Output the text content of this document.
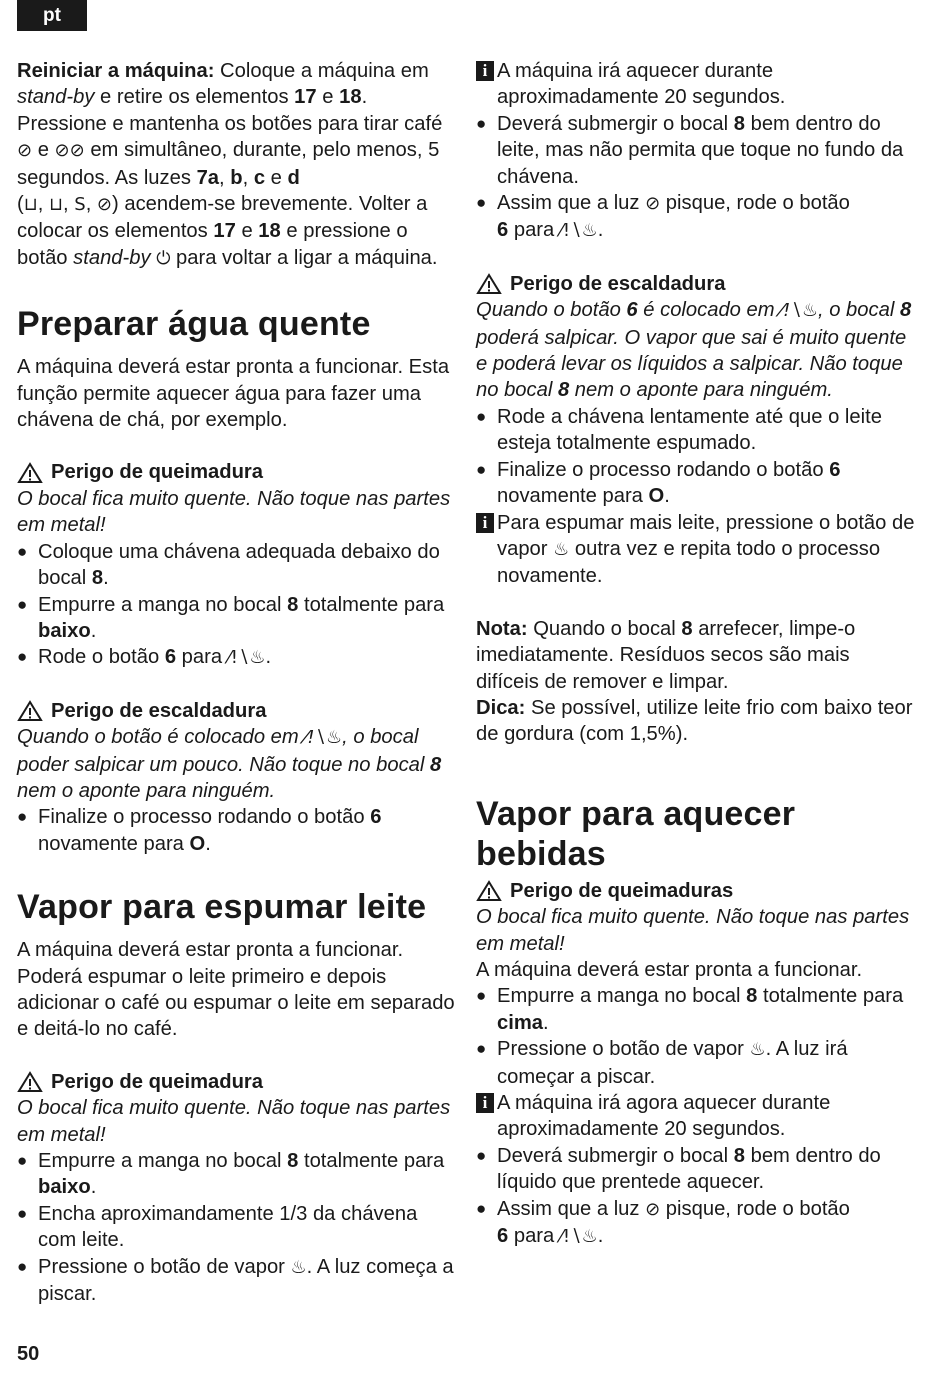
pt

Reiniciar a máquina: Coloque a máquina em stand-by e retire os elementos 17 e 18. Pressione e mantenha os botões para tirar café ⊘ e ⊘⊘ em simultâneo, durante, pelo menos, 5 segundos. As luzes 7a, b, c e d
(⊔, ⊔, S, ⊘) acendem-se brevemente. Volter a colocar os elementos 17 e 18 e pressione o botão stand-by ⏻ para voltar a ligar a máquina.

Preparar água quente

A máquina deverá estar pronta a funcionar. Esta função permite aquecer água para fazer uma chávena de chá, por exemplo.

Perigo de queimadura

O bocal fica muito quente. Não toque nas partes em metal!

● Coloque uma chávena adequada debaixo do bocal 8.
● Empurre a manga no bocal 8 totalmente para baixo.
● Rode o botão 6 para ⁄!∖♨.
Perigo de escaldadura

Quando o botão é colocado em ⁄!∖♨, o bocal poder salpicar um pouco. Não toque no bocal 8 nem o aponte para ninguém.

● Finalize o processo rodando o botão 6 novamente para O.
Vapor para espumar leite

A máquina deverá estar pronta a funcionar. Poderá espumar o leite primeiro e depois adicionar o café ou espumar o leite em separado e deitá-lo no café.

Perigo de queimadura

O bocal fica muito quente. Não toque nas partes em metal!

● Empurre a manga no bocal 8 totalmente para baixo.
● Encha aproximandamente 1/3 da chávena com leite.
● Pressione o botão de vapor ♨. A luz começa a piscar.

i A máquina irá aquecer durante aproximadamente 20 segundos.

● Deverá submergir o bocal 8 bem dentro do leite, mas não permita que toque no fundo da chávena.
● Assim que a luz ⊘ pisque, rode o botão
6 para ⁄!∖♨.
Perigo de escaldadura

Quando o botão 6 é colocado em ⁄!∖♨, o bocal 8 poderá salpicar. O vapor que sai é muito quente e poderá levar os líquidos a salpicar. Não toque no bocal 8 nem o aponte para ninguém.

● Rode a chávena lentamente até que o leite esteja totalmente espumado.
● Finalize o processo rodando o botão 6 novamente para O.

i Para espumar mais leite, pressione o botão de vapor ♨ outra vez e repita todo o processo novamente.

Nota: Quando o bocal 8 arrefecer, limpe-o imediatamente. Resíduos secos são mais difíceis de remover e limpar.

Dica: Se possível, utilize leite frio com baixo teor de gordura (com 1,5%).

Vapor para aquecer bebidas
Perigo de queimaduras

O bocal fica muito quente. Não toque nas partes em metal!

A máquina deverá estar pronta a funcionar.

● Empurre a manga no bocal 8 totalmente para cima.
● Pressione o botão de vapor ♨. A luz irá começar a piscar.

i A máquina irá agora aquecer durante aproximadamente 20 segundos.

● Deverá submergir o bocal 8 bem dentro do líquido que prentede aquecer.
● Assim que a luz ⊘ pisque, rode o botão
6 para ⁄!∖♨.
50
